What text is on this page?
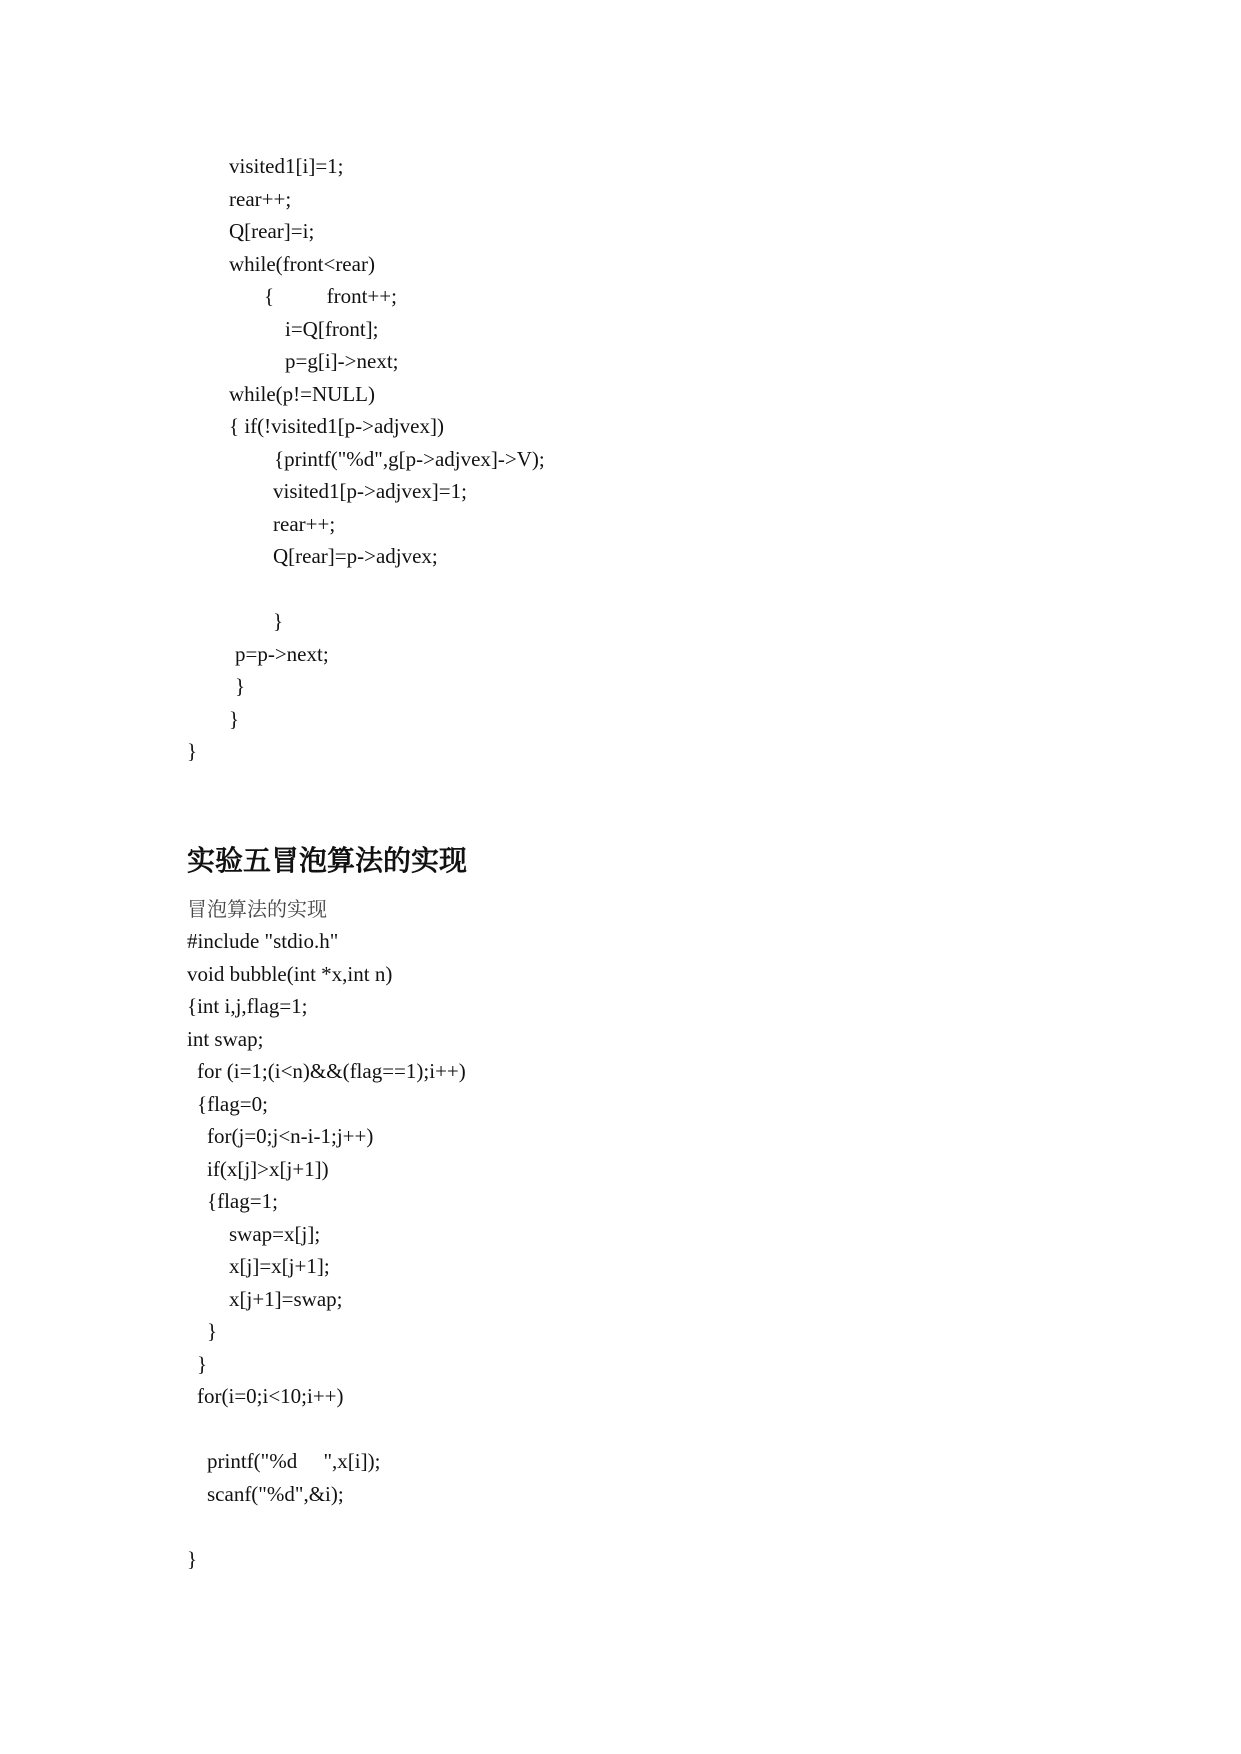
visited1[i]=1;
rear++;
Q[rear]=i;
while(front<rear)
{          front++;
i=Q[front];
p=g[i]->next;
while(p!=NULL)
{ if(!visited1[p->adjvex])
{printf("%d",g[p->adjvex]->V);
visited1[p->adjvex]=1;
rear++;
Q[rear]=p->adjvex;
}
p=p->next;
}
}
}
实验五冒泡算法的实现
冒泡算法的实现
#include "stdio.h"
void bubble(int *x,int n)
{int i,j,flag=1;
int swap;
for (i=1;(i<n)&&(flag==1);i++)
{flag=0;
for(j=0;j<n-i-1;j++)
if(x[j]>x[j+1])
{flag=1;
swap=x[j];
x[j]=x[j+1];
x[j+1]=swap;
}
}
for(i=0;i<10;i++)
printf("%d     ",x[i]);
scanf("%d",&i);
}
